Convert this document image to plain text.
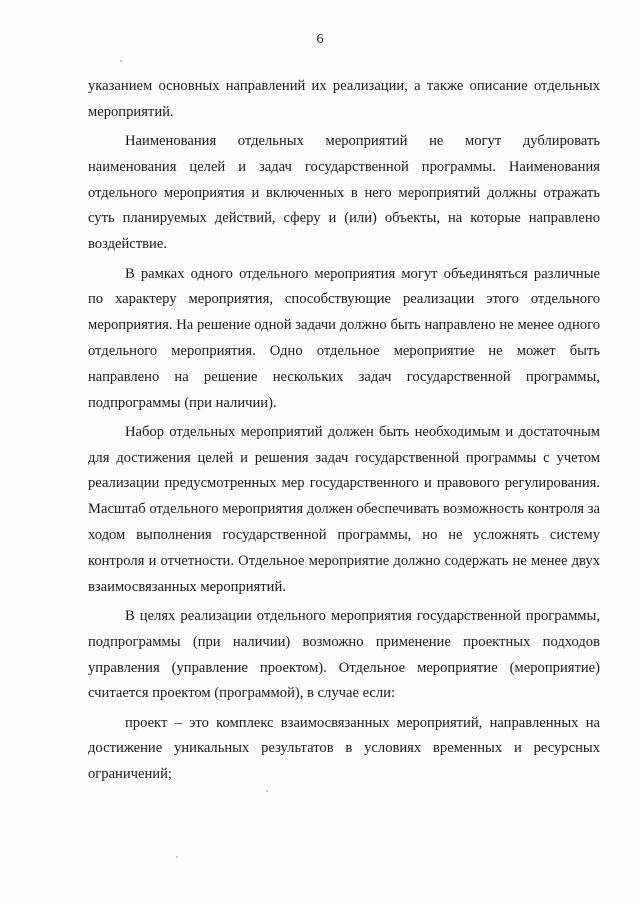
6

указанием основных направлений их реализации, а также описание отдельных мероприятий.

Наименования отдельных мероприятий не могут дублировать наименования целей и задач государственной программы. Наименования отдельного мероприятия и включенных в него мероприятий должны отражать суть планируемых действий, сферу и (или) объекты, на которые направлено воздействие.

В рамках одного отдельного мероприятия могут объединяться различные по характеру мероприятия, способствующие реализации этого отдельного мероприятия. На решение одной задачи должно быть направлено не менее одного отдельного мероприятия. Одно отдельное мероприятие не может быть направлено на решение нескольких задач государственной программы, подпрограммы (при наличии).

Набор отдельных мероприятий должен быть необходимым и достаточным для достижения целей и решения задач государственной программы с учетом реализации предусмотренных мер государственного и правового регулирования. Масштаб отдельного мероприятия должен обеспечивать возможность контроля за ходом выполнения государственной программы, но не усложнять систему контроля и отчетности. Отдельное мероприятие должно содержать не менее двух взаимосвязанных мероприятий.

В целях реализации отдельного мероприятия государственной программы, подпрограммы (при наличии) возможно применение проектных подходов управления (управление проектом). Отдельное мероприятие (мероприятие) считается проектом (программой), в случае если:

проект – это комплекс взаимосвязанных мероприятий, направленных на достижение уникальных результатов в условиях временных и ресурсных ограничений;
